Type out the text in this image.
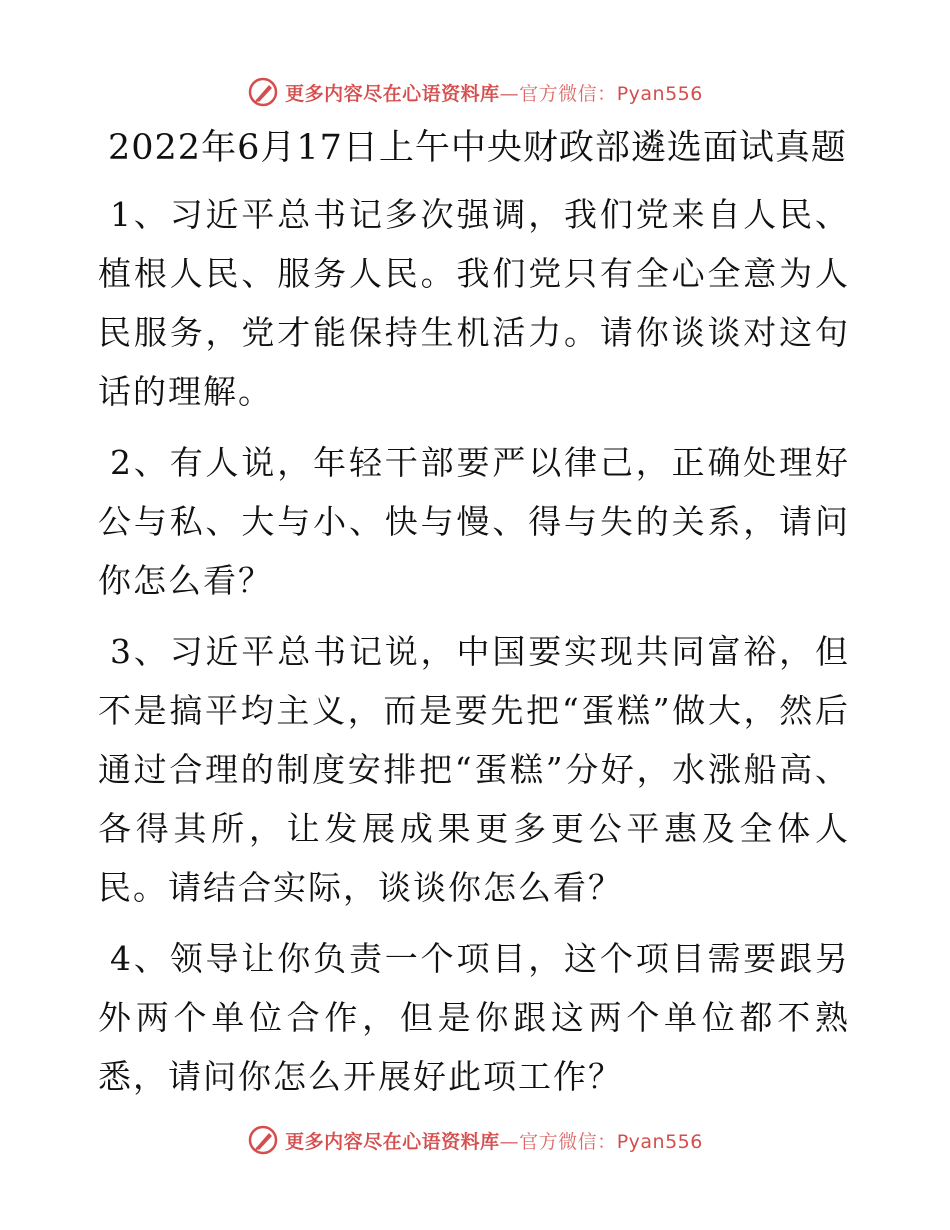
更多内容尽在心语资料库—官方微信：Pyan556
2022年6月17日上午中央财政部遴选面试真题

1、习近平总书记多次强调，我们党来自人民、植根人民、服务人民。我们党只有全心全意为人民服务，党才能保持生机活力。请你谈谈对这句话的理解。

2、有人说，年轻干部要严以律己，正确处理好公与私、大与小、快与慢、得与失的关系，请问你怎么看？

3、习近平总书记说，中国要实现共同富裕，但不是搞平均主义，而是要先把“蛋糕”做大，然后通过合理的制度安排把“蛋糕”分好，水涨船高、各得其所，让发展成果更多更公平惠及全体人民。请结合实际，谈谈你怎么看？

4、领导让你负责一个项目，这个项目需要跟另外两个单位合作，但是你跟这两个单位都不熟悉，请问你怎么开展好此项工作？

更多内容尽在心语资料库—官方微信：Pyan556
